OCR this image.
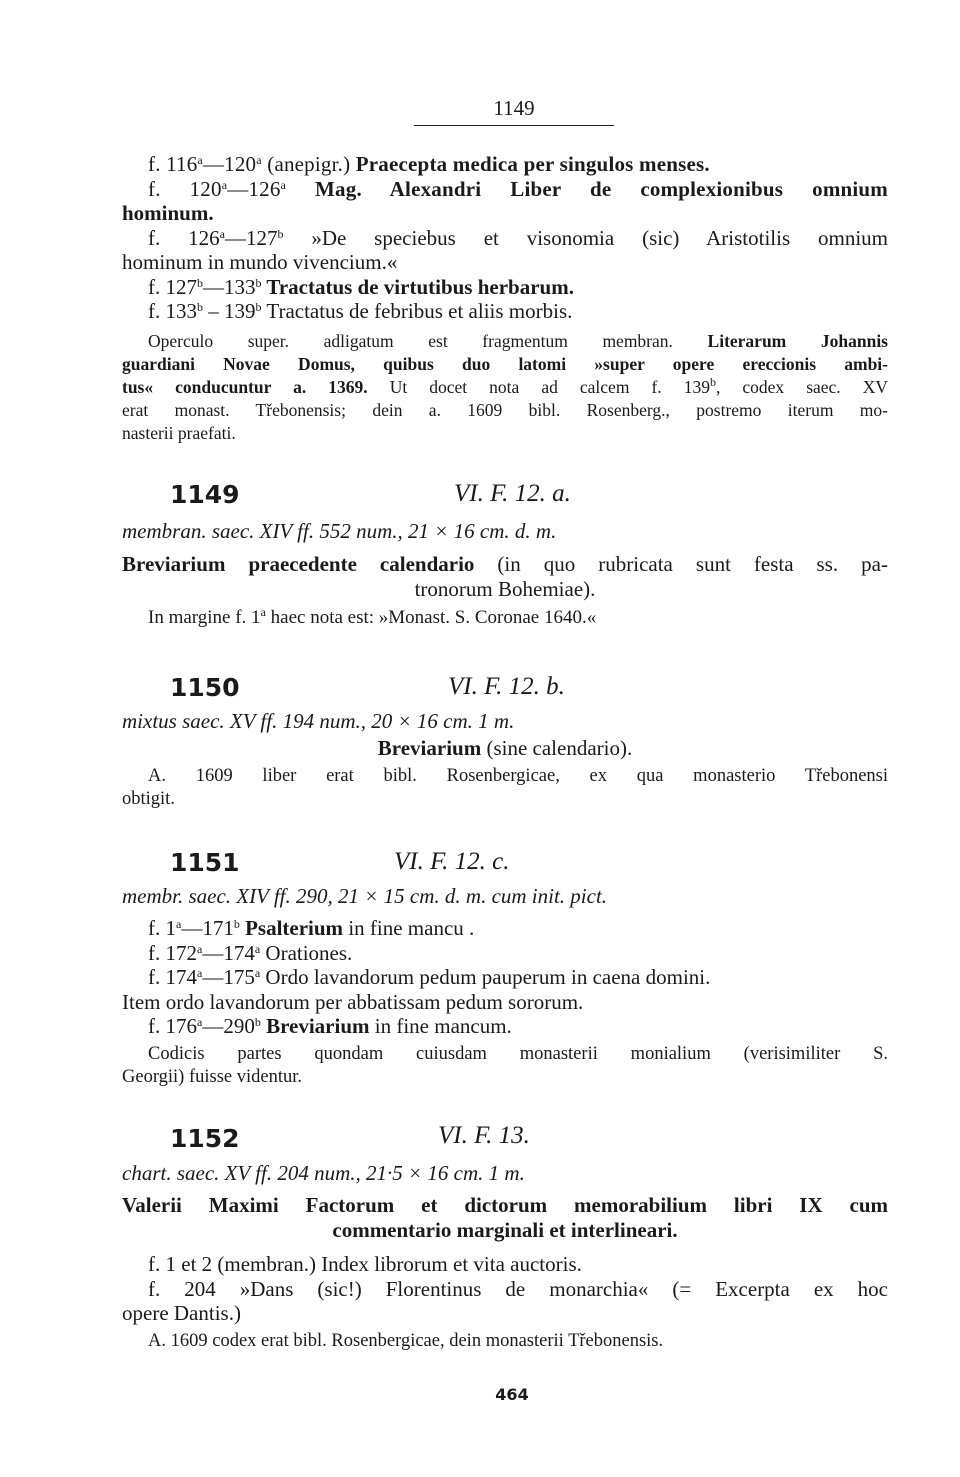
1149
f. 116$^a$—120$^a$ (anepigr.) Praecepta medica per singulos menses.
f. 120$^a$—126$^a$ Mag. Alexandri Liber de complexionibus omnium
hominum.
f. 126$^a$—127$^b$ »De speciebus et visonomia (sic) Aristotilis omnium
hominum in mundo vivencium.«
f. 127$^b$—133$^b$ Tractatus de virtutibus herbarum.
f. 133$^b$ – 139$^b$ Tractatus de febribus et aliis morbis.
Operculo super. adligatum est fragmentum membran. Literarum Johannis
guardiani Novae Domus, quibus duo latomi »super opere ereccionis ambi-
tus« conducuntur a. 1369. Ut docet nota ad calcem f. 139$^b$, codex saec. XV
erat monast. Třebonensis; dein a. 1609 bibl. Rosenberg., postremo iterum mo-
nasterii praefati.
1149	VI. F. 12. a.
membran. saec. XIV ff. 552 num., 21 × 16 cm. d. m.
Breviarium praecedente calendario (in quo rubricata sunt festa ss. pa-
tronorum Bohemiae).
In margine f. 1$^a$ haec nota est: »Monast. S. Coronae 1640.«
1150	VI. F. 12. b.
mixtus saec. XV ff. 194 num., 20 × 16 cm. 1 m.
Breviarium (sine calendario).
A. 1609 liber erat bibl. Rosenbergicae, ex qua monasterio Třebonensi
obtigit.
1151	VI. F. 12. c.
membr. saec. XIV ff. 290, 21 × 15 cm. d. m. cum init. pict.
f. 1$^a$—171$^b$ Psalterium in fine mancu .
f. 172$^a$—174$^a$ Orationes.
f. 174$^a$—175$^a$ Ordo lavandorum pedum pauperum in caena domini.
Item ordo lavandorum per abbatissam pedum sororum.
f. 176$^a$—290$^b$ Breviarium in fine mancum.
Codicis partes quondam cuiusdam monasterii monialium (verisimiliter S.
Georgii) fuisse videntur.
1152	VI. F. 13.
chart. saec. XV ff. 204 num., 21·5 × 16 cm. 1 m.
Valerii Maximi Factorum et dictorum memorabilium libri IX cum
commentario marginali et interlineari.
f. 1 et 2 (membran.) Index librorum et vita auctoris.
f. 204 »Dans (sic!) Florentinus de monarchia« (= Excerpta ex hoc
opere Dantis.)
A. 1609 codex erat bibl. Rosenbergicae, dein monasterii Třebonensis.
464
